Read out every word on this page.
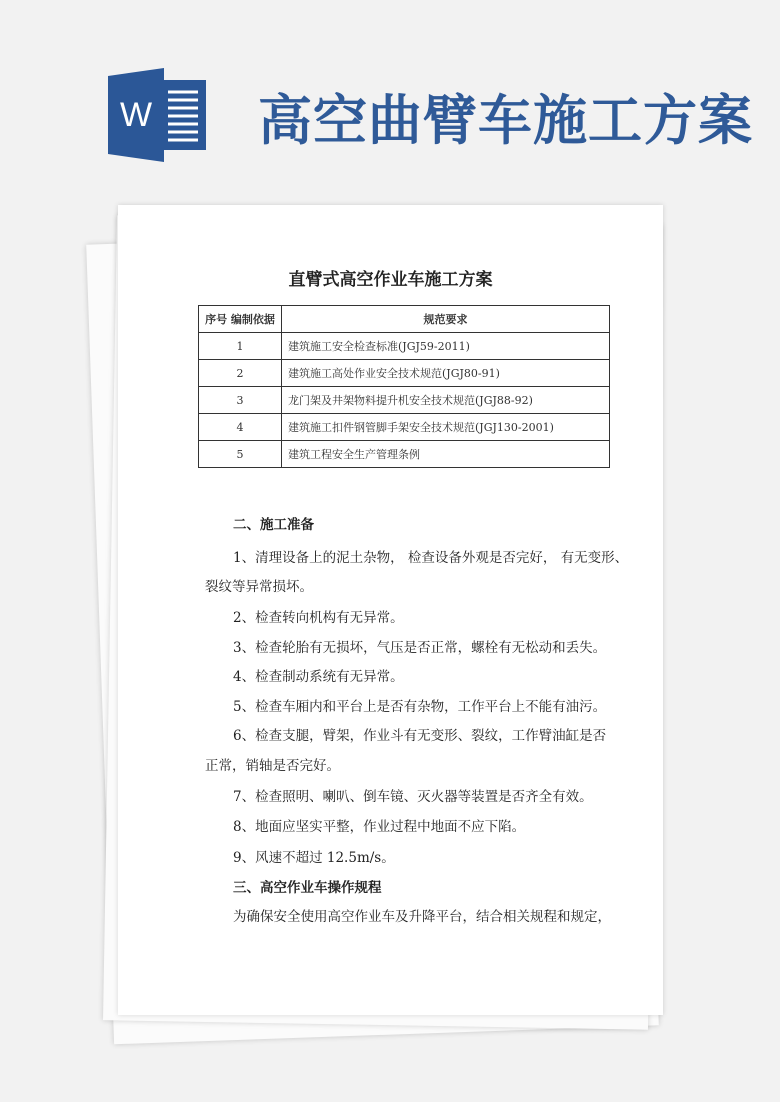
W 高空曲臂车施工方案
直臂式高空作业车施工方案
序号 编制依据	规范要求
1	建筑施工安全检查标准(JGJ59-2011)
2	建筑施工高处作业安全技术规范(JGJ80-91)
3	龙门架及井架物料提升机安全技术规范(JGJ88-92)
4	建筑施工扣件钢管脚手架安全技术规范(JGJ130-2001)
5	建筑工程安全生产管理条例
二、施工准备
1、清理设备上的泥土杂物， 检查设备外观是否完好， 有无变形、
裂纹等异常损坏。
2、检查转向机构有无异常。
3、检查轮胎有无损坏，气压是否正常，螺栓有无松动和丢失。
4、检查制动系统有无异常。
5、检查车厢内和平台上是否有杂物，工作平台上不能有油污。
6、检查支腿，臂架，作业斗有无变形、裂纹，工作臂油缸是否
正常，销轴是否完好。
7、检查照明、喇叭、倒车镜、灭火器等装置是否齐全有效。
8、地面应坚实平整，作业过程中地面不应下陷。
9、风速不超过 12.5m/s。
三、高空作业车操作规程
为确保安全使用高空作业车及升降平台，结合相关规程和规定，
